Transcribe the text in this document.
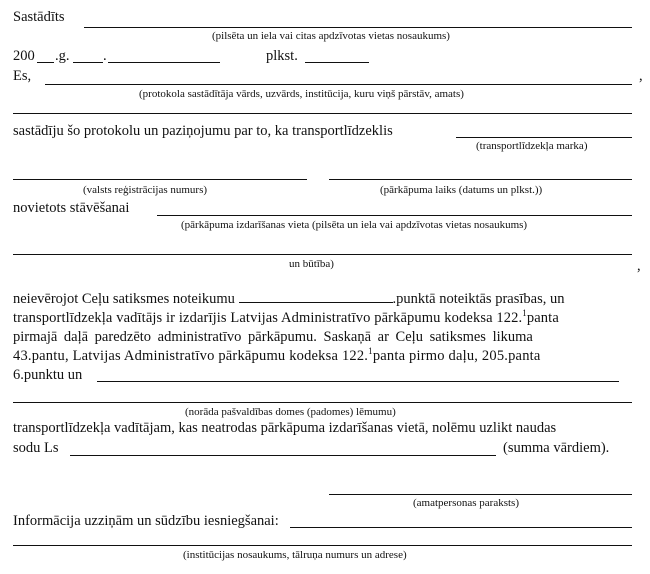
Sastādīts
(pilsēta un iela vai citas apdzīvotas vietas nosaukums)
200 .g. .	plkst.
Es,	,
(protokola sastādītāja vārds, uzvārds, institūcija, kuru viņš pārstāv, amats)
sastādīju šo protokolu un paziņojumu par to, ka transportlīdzeklis
(transportlīdzekļa marka)
(valsts reģistrācijas numurs)	(pārkāpuma laiks (datums un plkst.))
novietots stāvēšanai
(pārkāpuma izdarīšanas vieta (pilsēta un iela vai apdzīvotas vietas nosaukums)
un būtība)	,
neievērojot Ceļu satiksmes noteikumu	.punktā noteiktās prasības, un
transportlīdzekļa vadītājs ir izdarījis Latvijas Administratīvo pārkāpumu kodeksa 122.$^1$panta
pirmajā daļā paredzēto administratīvo pārkāpumu. Saskaņā ar Ceļu satiksmes likuma
43.pantu, Latvijas Administratīvo pārkāpumu kodeksa 122.$^1$panta pirmo daļu, 205.panta
6.punktu un
(norāda pašvaldības domes (padomes) lēmumu)
transportlīdzekļa vadītājam, kas neatrodas pārkāpuma izdarīšanas vietā, nolēmu uzlikt naudas
sodu Ls	(summa vārdiem).
(amatpersonas paraksts)
Informācija uzziņām un sūdzību iesniegšanai:
(institūcijas nosaukums, tālruņa numurs un adrese)
